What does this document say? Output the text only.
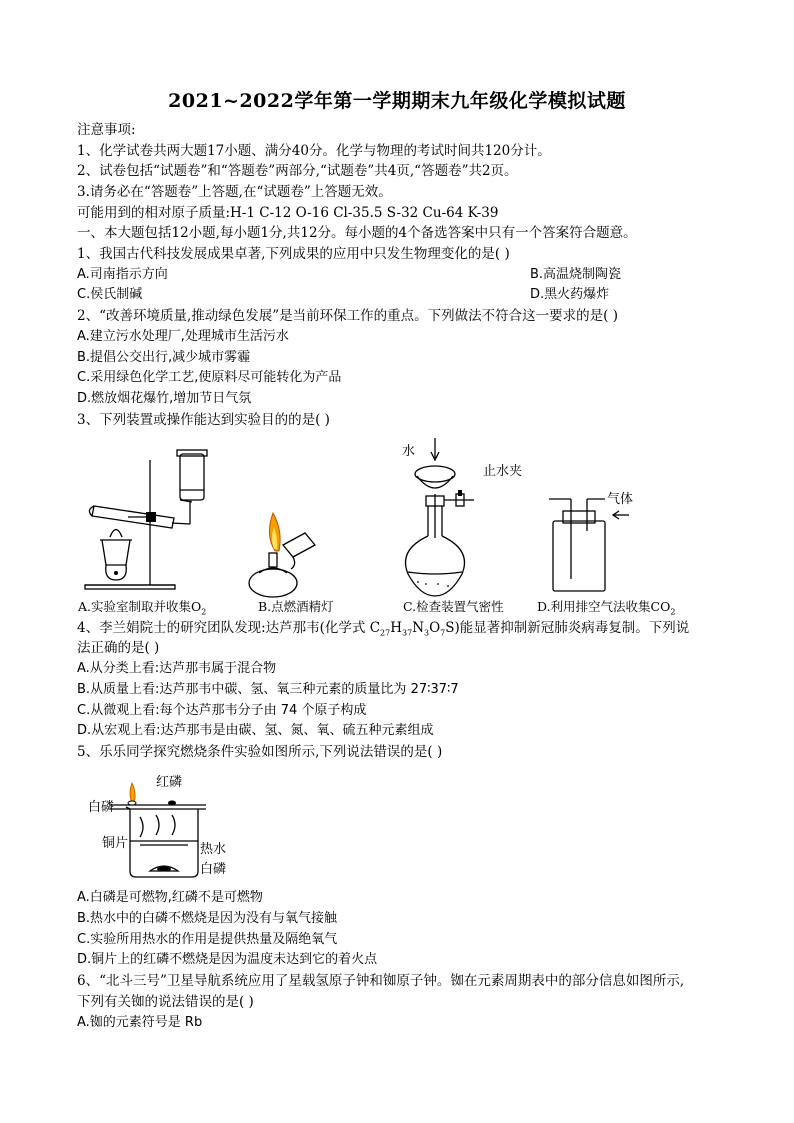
2021~2022学年第一学期期末九年级化学模拟试题
注意事项:
1、化学试卷共两大题17小题、满分40分。化学与物理的考试时间共120分计。
2、试卷包括“试题卷”和“答题卷”两部分,“试题卷”共4页,“答题卷”共2页。
3.请务必在“答题卷”上答题,在“试题卷”上答题无效。
可能用到的相对原子质量:H-1 C-12 O-16 Cl-35.5 S-32 Cu-64 K-39
一、本大题包括12小题,每小题1分,共12分。每小题的4个备选答案中只有一个答案符合题意。
1、我国古代科技发展成果卓著,下列成果的应用中只发生物理变化的是( )
A.司南指示方向	B.高温烧制陶瓷
C.侯氏制碱	D.黑火药爆炸
2、“改善环境质量,推动绿色发展”是当前环保工作的重点。下列做法不符合这一要求的是( )
A.建立污水处理厂,处理城市生活污水
B.提倡公交出行,减少城市雾霾
C.采用绿色化学工艺,使原料尽可能转化为产品
D.燃放烟花爆竹,增加节日气氛
3、下列装置或操作能达到实验目的的是( )
水
止水夹
气体
A.实验室制取并收集$O_2$	B.点燃酒精灯	C.检查装置气密性	D.利用排空气法收集$CO_2$
4、李兰娟院士的研究团队发现:达芦那韦(化学式 $C_{27}H_{37}N_3O_7S$)能显著抑制新冠肺炎病毒复制。下列说
法正确的是( )
A.从分类上看:达芦那韦属于混合物
B.从质量上看:达芦那韦中碳、氢、氧三种元素的质量比为 27∶37∶7
C.从微观上看:每个达芦那韦分子由 74 个原子构成
D.从宏观上看:达芦那韦是由碳、氢、氮、氧、硫五种元素组成
5、乐乐同学探究燃烧条件实验如图所示,下列说法错误的是( )
红磷
白磷
铜片	热水
白磷
A.白磷是可燃物,红磷不是可燃物
B.热水中的白磷不燃烧是因为没有与氧气接触
C.实验所用热水的作用是提供热量及隔绝氧气
D.铜片上的红磷不燃烧是因为温度未达到它的着火点
6、“北斗三号”卫星导航系统应用了星载氢原子钟和铷原子钟。铷在元素周期表中的部分信息如图所示,
下列有关铷的说法错误的是( )
A.铷的元素符号是 Rb
